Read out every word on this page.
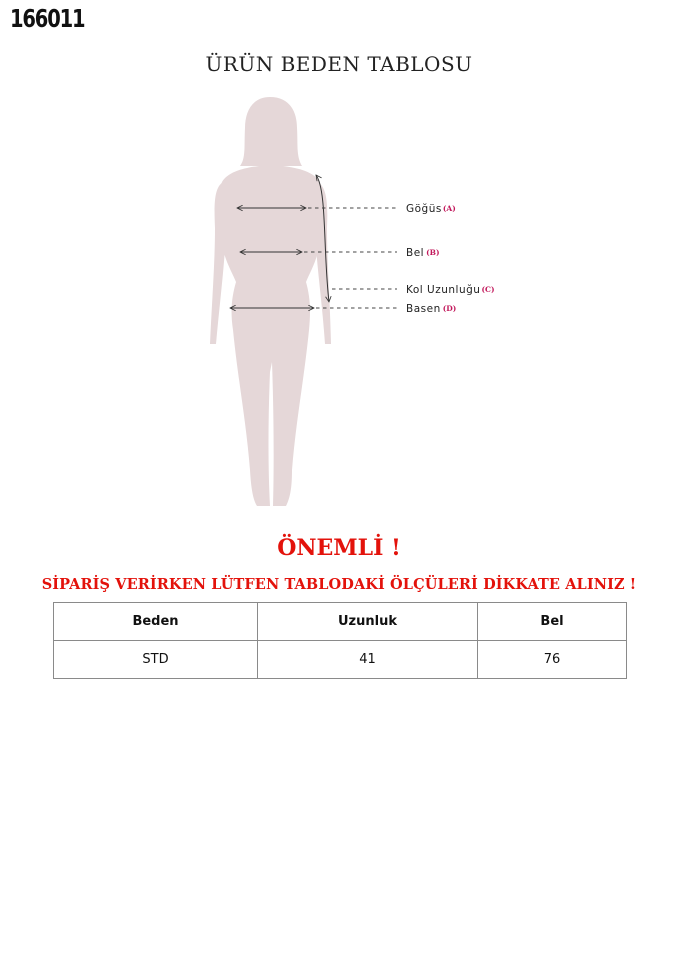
166011
ÜRÜN BEDEN TABLOSU
Göğüs(A)
Bel (B)
Kol Uzunluğu(C)
Basen (D)
ÖNEMLİ !
SİPARİŞ VERİRKEN LÜTFEN TABLODAKİ ÖLÇÜLERİ DİKKATE ALINIZ !
Beden	Uzunluk	Bel
STD	41	76
